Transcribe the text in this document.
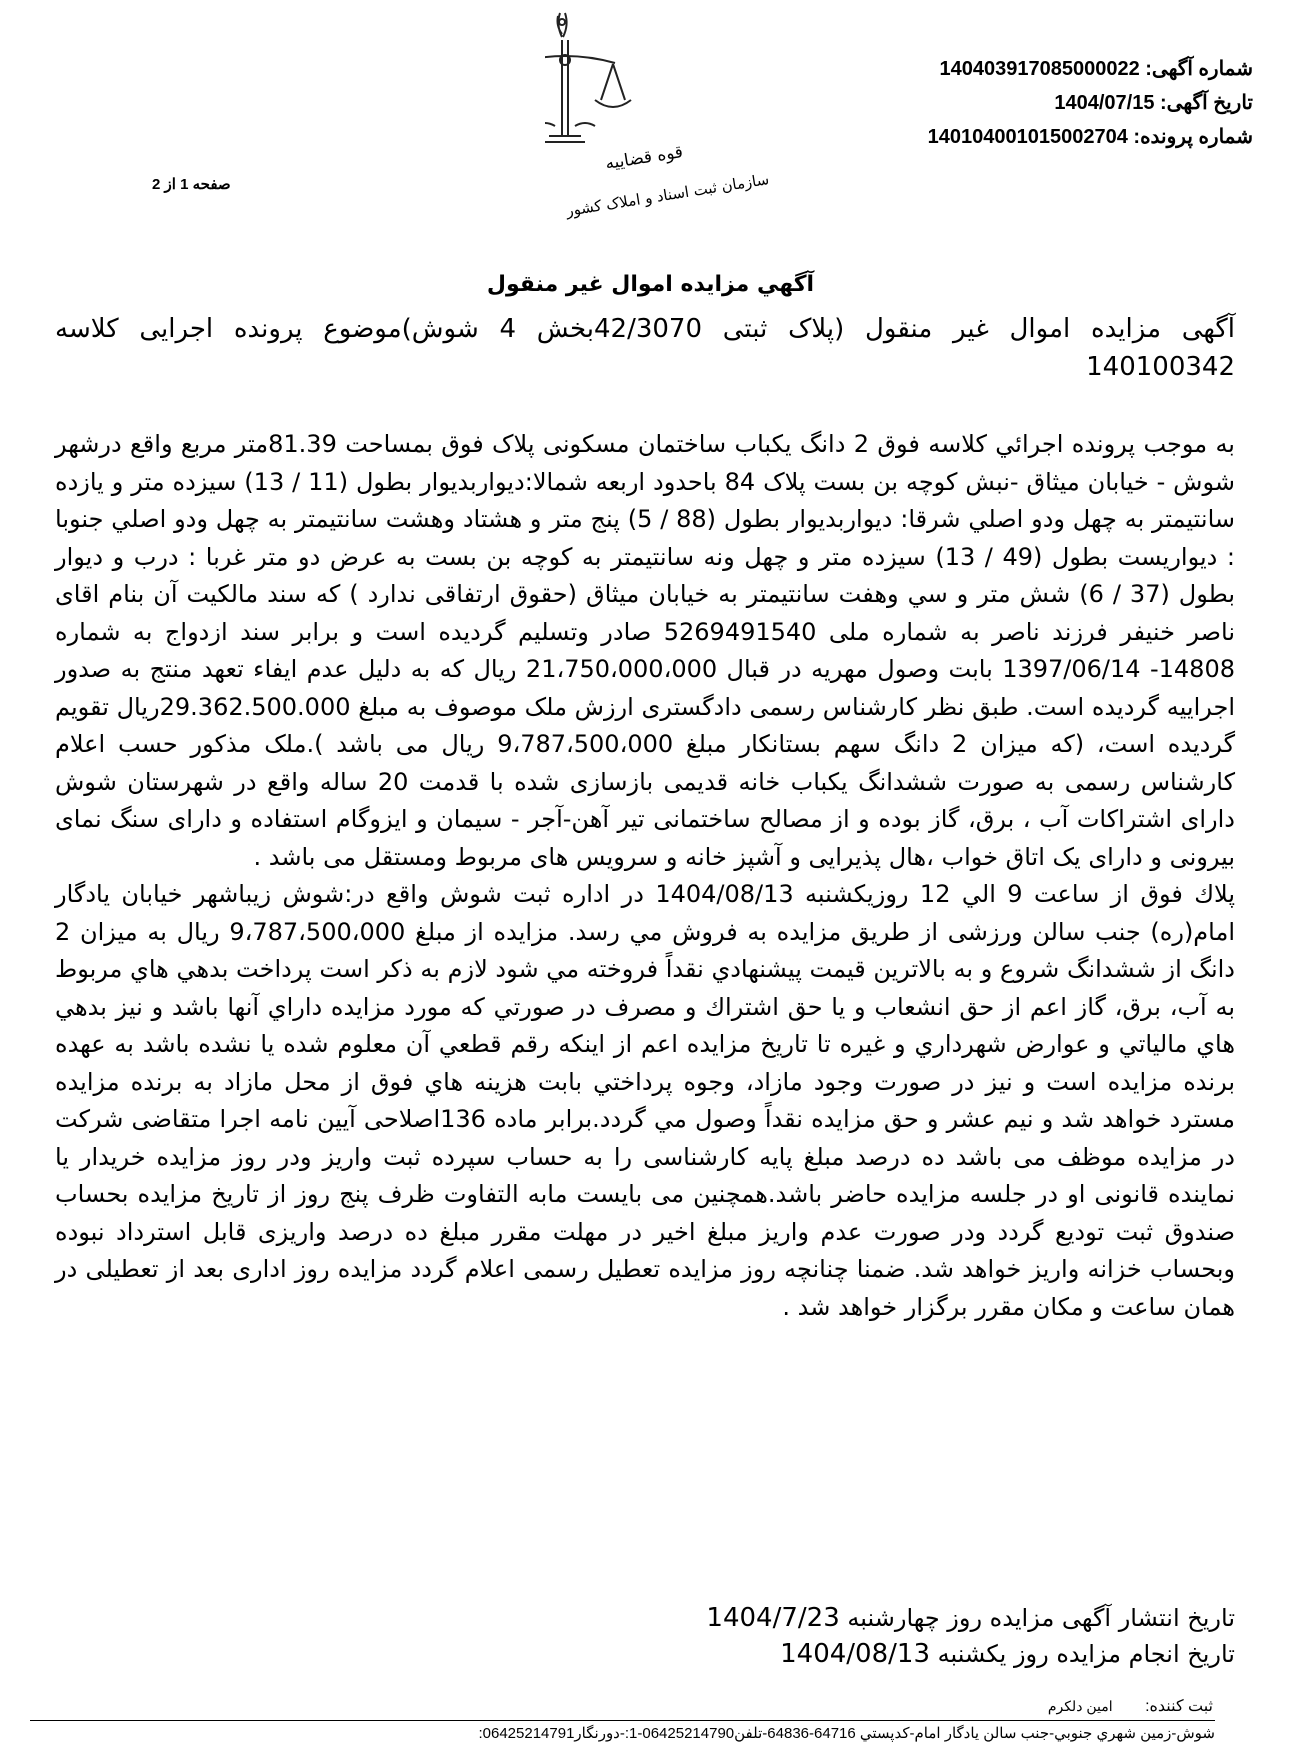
شماره آگهی: 140403917085000022
تاریخ آگهی: 1404/07/15
شماره پرونده: 140104001015002704
صفحه 1 از 2
قوه قضاییه
سازمان ثبت اسناد و املاک کشور
آگهي مزايده اموال غير منقول
آگهی مزایده اموال غیر منقول (پلاک ثبتی 42/3070بخش 4 شوش)موضوع پرونده اجرایی کلاسه 140100342

به موجب پرونده اجرائي كلاسه فوق 2 دانگ یکباب ساختمان مسکونی پلاک فوق بمساحت 81.39متر مربع واقع درشهر شوش - خیابان میثاق -نبش کوچه بن بست پلاک 84 باحدود اربعه شمالا:ديواربديوار بطول (11 / 13) سيزده متر و يازده سانتيمتر به چهل ودو اصلي شرقا: ديواربديوار بطول (88 / 5) پنج متر و هشتاد وهشت سانتيمتر به چهل ودو اصلي جنوبا : ديواريست بطول (49 / 13) سيزده متر و چهل ونه سانتيمتر به کوچه بن بست به عرض دو متر غربا : درب و ديوار بطول (37 / 6) شش متر و سي وهفت سانتيمتر به خيابان ميثاق (حقوق ارتفاقی ندارد ) که سند مالکیت آن بنام اقای ناصر خنیفر فرزند ناصر به شماره ملی 5269491540 صادر وتسلیم گردیده است و برابر سند ازدواج به شماره 14808- 1397/06/14 بابت وصول مهریه در قبال 21،750،000،000 ریال که به دلیل عدم ایفاء تعهد منتج به صدور اجراییه گردیده است. طبق نظر کارشناس رسمی دادگستری ارزش ملک موصوف به مبلغ 29.362.500.000ریال تقویم گردیده است، (که میزان 2 دانگ سهم بستانکار مبلغ 9،787،500،000 ریال می باشد ).ملک مذکور حسب اعلام کارشناس رسمی به صورت ششدانگ یکباب خانه قدیمی بازسازی شده با قدمت 20 ساله واقع در شهرستان شوش دارای اشتراکات آب ، برق، گاز بوده و از مصالح ساختمانی تیر آهن-آجر - سیمان و ایزوگام استفاده و دارای سنگ نمای بیرونی و دارای یک اتاق خواب ،هال پذیرایی و آشپز خانه و سرویس های مربوط ومستقل می باشد .

پلاك فوق از ساعت 9 الي 12 روزيکشنبه 1404/08/13 در اداره ثبت شوش واقع در:شوش زيباشهر خيابان يادگار امام(ره) جنب سالن ورزشی از طريق مزايده به فروش مي رسد. مزايده از مبلغ 9،787،500،000 ريال به میزان 2 دانگ از ششدانگ شروع و به بالاترين قيمت پيشنهادي نقداً فروخته مي شود لازم به ذكر است پرداخت بدهي هاي مربوط به آب، برق، گاز اعم از حق انشعاب و يا حق اشتراك و مصرف در صورتي كه مورد مزايده داراي آنها باشد و نيز بدهي هاي مالياتي و عوارض شهرداري و غيره تا تاريخ مزايده اعم از اينكه رقم قطعي آن معلوم شده يا نشده باشد به عهده برنده مزايده است و نيز در صورت وجود مازاد، وجوه پرداختي بابت هزينه هاي فوق از محل مازاد به برنده مزايده مسترد خواهد شد و نيم عشر و حق مزايده نقداً وصول مي گردد.برابر ماده 136اصلاحی آیین نامه اجرا متقاضی شرکت در مزایده موظف می باشد ده درصد مبلغ پایه کارشناسی را به حساب سپرده ثبت واریز ودر روز مزایده خریدار یا نماینده قانونی او در جلسه مزایده حاضر باشد.همچنین می بایست مابه التفاوت ظرف پنج روز از تاریخ مزایده بحساب صندوق ثبت تودیع گردد ودر صورت عدم واریز مبلغ اخیر در مهلت مقرر مبلغ ده درصد واریزی قابل استرداد نبوده وبحساب خزانه واریز خواهد شد. ضمنا چنانچه روز مزایده تعطیل رسمی اعلام گردد مزایده روز اداری بعد از تعطیلی در همان ساعت و مکان مقرر برگزار خواهد شد .

تاريخ انتشار آگهی مزایده روز چهارشنبه 1404/7/23
تاريخ انجام مزایده روز یکشنبه 1404/08/13
ثبت کننده: امین دلکرم
شوش-زمين شهري جنوبي-جنب سالن يادگار امام-کدپستي 64716-64836-تلفن06425214790-1:-دورنگار06425214791:
